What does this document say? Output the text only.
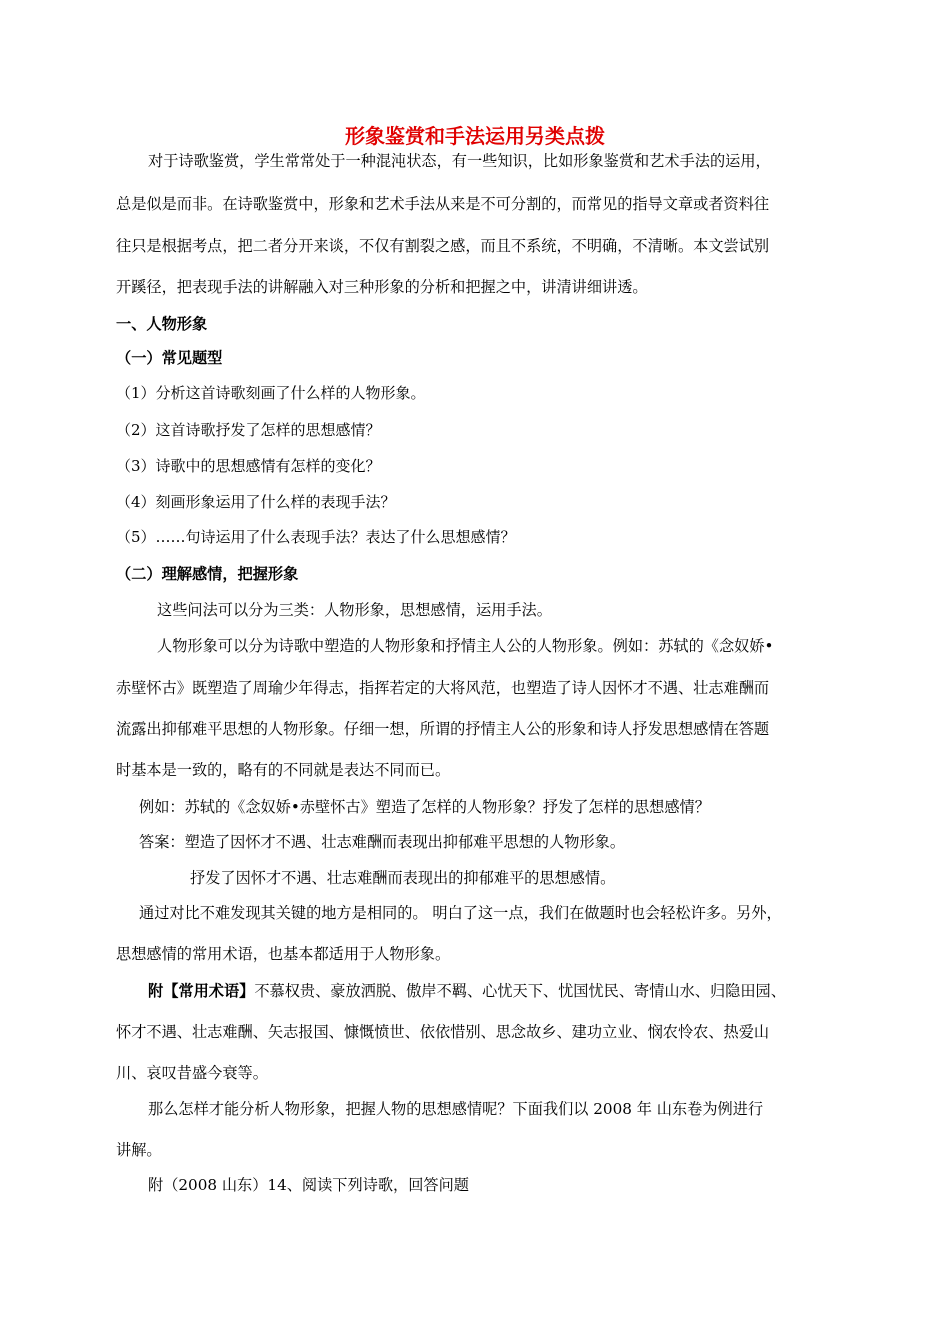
形象鉴赏和手法运用另类点拨
对于诗歌鉴赏，学生常常处于一种混沌状态，有一些知识，比如形象鉴赏和艺术手法的运用，
总是似是而非。在诗歌鉴赏中，形象和艺术手法从来是不可分割的，而常见的指导文章或者资料往
往只是根据考点，把二者分开来谈，不仅有割裂之感，而且不系统，不明确，不清晰。本文尝试别
开蹊径，把表现手法的讲解融入对三种形象的分析和把握之中，讲清讲细讲透。
一、人物形象
（一）常见题型
（1）分析这首诗歌刻画了什么样的人物形象。
（2）这首诗歌抒发了怎样的思想感情？
（3）诗歌中的思想感情有怎样的变化？
（4）刻画形象运用了什么样的表现手法？
（5）……句诗运用了什么表现手法？表达了什么思想感情？
（二）理解感情，把握形象
这些问法可以分为三类：人物形象，思想感情，运用手法。
人物形象可以分为诗歌中塑造的人物形象和抒情主人公的人物形象。例如：苏轼的《念奴娇•
赤壁怀古》既塑造了周瑜少年得志，指挥若定的大将风范，也塑造了诗人因怀才不遇、壮志难酬而
流露出抑郁难平思想的人物形象。仔细一想，所谓的抒情主人公的形象和诗人抒发思想感情在答题
时基本是一致的，略有的不同就是表达不同而已。
例如：苏轼的《念奴娇•赤壁怀古》塑造了怎样的人物形象？抒发了怎样的思想感情？
答案：塑造了因怀才不遇、壮志难酬而表现出抑郁难平思想的人物形象。
抒发了因怀才不遇、壮志难酬而表现出的抑郁难平的思想感情。
通过对比不难发现其关键的地方是相同的。 明白了这一点，我们在做题时也会轻松许多。另外，
思想感情的常用术语，也基本都适用于人物形象。
附【常用术语】不慕权贵、豪放洒脱、傲岸不羁、心忧天下、忧国忧民、寄情山水、归隐田园、
怀才不遇、壮志难酬、矢志报国、慷慨愤世、依依惜别、思念故乡、建功立业、悯农怜农、热爱山
川、哀叹昔盛今衰等。
那么怎样才能分析人物形象，把握人物的思想感情呢？下面我们以 2008 年 山东卷为例进行
讲解。
附（2008 山东）14、阅读下列诗歌，回答问题
